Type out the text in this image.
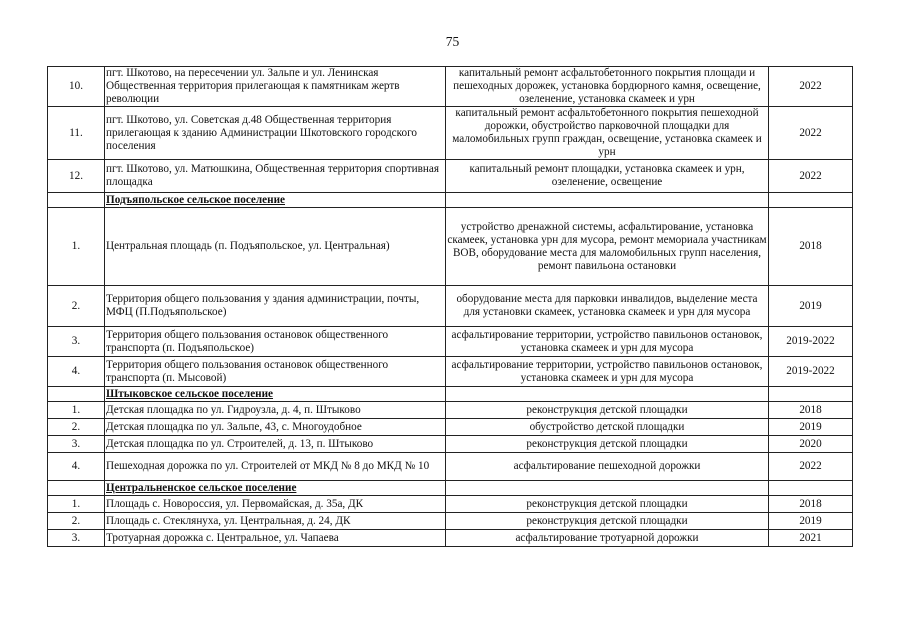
75
10.	пгт. Шкотово, на пересечении ул. Зальпе и ул. Ленинская Общественная территория прилегающая к памятникам жертв революции	капитальный ремонт асфальтобетонного покрытия площади и пешеходных дорожек, установка бордюрного камня, освещение, озеленение, установка скамеек и урн	2022
11.	пгт. Шкотово, ул. Советская д.48 Общественная территория прилегающая к зданию Администрации Шкотовского городского поселения	капитальный ремонт асфальтобетонного покрытия пешеходной дорожки, обустройство парковочной площадки для маломобильных групп граждан, освещение, установка скамеек и урн	2022
12.	пгт. Шкотово, ул. Матюшкина, Общественная территория спортивная площадка	капитальный ремонт площадки, установка скамеек и урн, озеленение, освещение	2022
	Подъяпольское сельское поселение		
1.	Центральная площадь (п. Подъяпольское, ул. Центральная)	устройство дренажной системы, асфальтирование, установка скамеек, установка урн для мусора, ремонт мемориала участникам ВОВ, оборудование места для маломобильных групп населения, ремонт павильона остановки	2018
2.	Территория общего пользования у здания администрации, почты, МФЦ (П.Подъяпольское)	оборудование места для парковки инвалидов, выделение места для установки скамеек, установка скамеек и урн для мусора	2019
3.	Территория общего пользования остановок общественного транспорта (п. Подъяпольское)	асфальтирование территории, устройство павильонов остановок, установка скамеек и урн для мусора	2019-2022
4.	Территория общего пользования остановок общественного транспорта (п. Мысовой)	асфальтирование территории, устройство павильонов остановок, установка скамеек и урн для мусора	2019-2022
	Штыковское сельское поселение		
1.	Детская площадка по ул. Гидроузла, д. 4, п. Штыково	реконструкция детской площадки	2018
2.	Детская площадка по ул. Зальпе, 43, с. Многоудобное	обустройство детской площадки	2019
3.	Детская площадка по ул. Строителей, д. 13, п. Штыково	реконструкция детской площадки	2020
4.	Пешеходная дорожка по ул. Строителей от МКД № 8 до МКД № 10	асфальтирование пешеходной дорожки	2022
	Центральненское сельское поселение		
1.	Площадь с. Новороссия, ул. Первомайская, д. 35а, ДК	реконструкция детской площадки	2018
2.	Площадь с. Стеклянуха, ул. Центральная, д. 24, ДК	реконструкция детской площадки	2019
3.	Тротуарная дорожка с. Центральное, ул. Чапаева	асфальтирование тротуарной дорожки	2021
